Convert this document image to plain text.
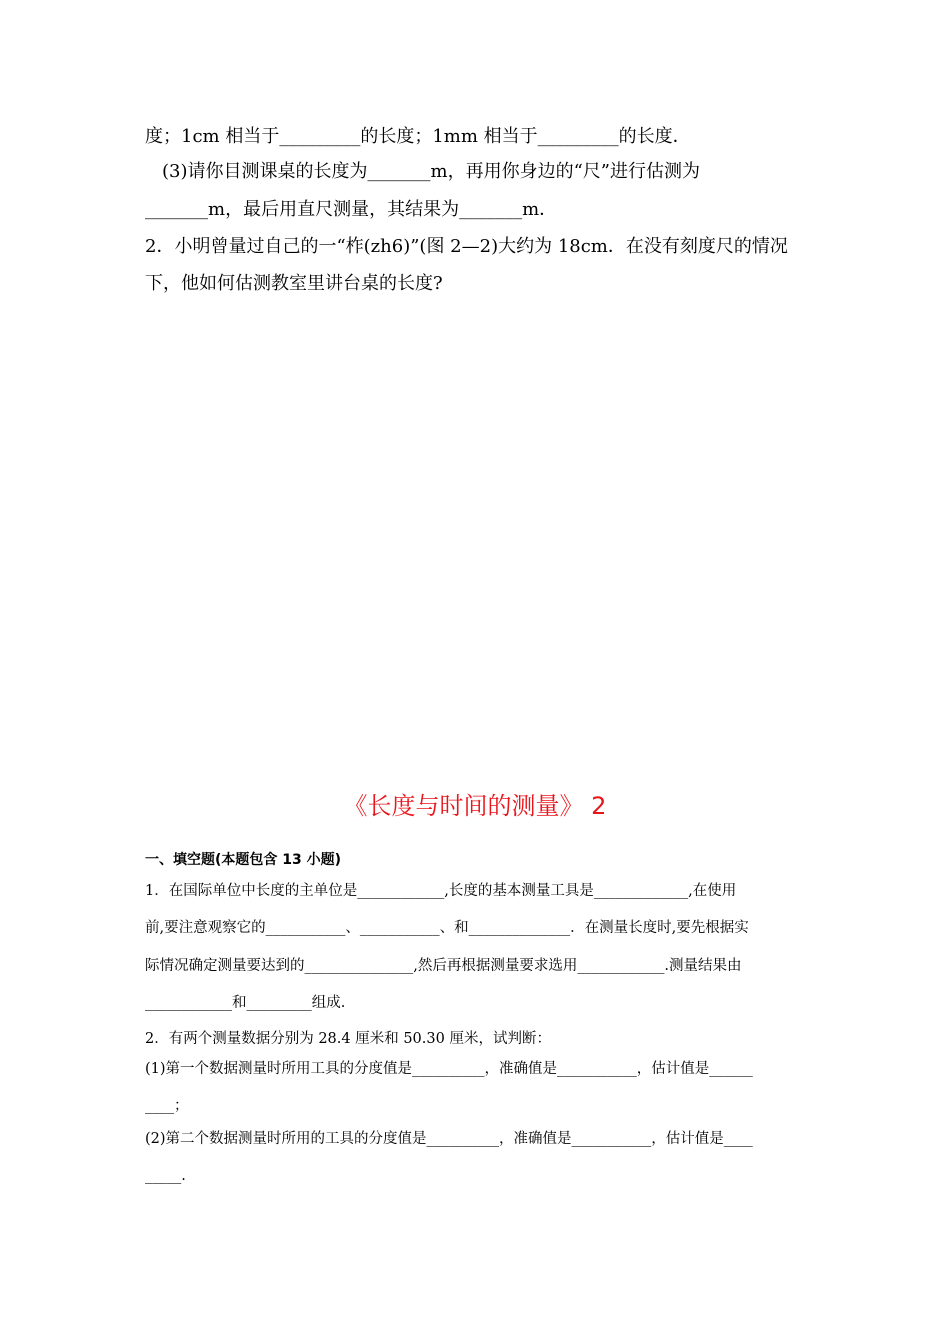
度；1cm 相当于_________的长度；1mm 相当于_________的长度．
(3)请你目测课桌的长度为_______m，再用你身边的“尺”进行估测为
_______m，最后用直尺测量，其结果为_______m．
2．小明曾量过自己的一“柞(zh6)”(图 2—2)大约为 18cm．在没有刻度尺的情况
下，他如何估测教室里讲台桌的长度?
《长度与时间的测量》 2
一、填空题(本题包含 13 小题)
1．在国际单位中长度的主单位是____________,长度的基本测量工具是_____________,在使用
前,要注意观察它的___________、___________、和______________．在测量长度时,要先根据实
际情况确定测量要达到的_______________,然后再根据测量要求选用____________.测量结果由
____________和_________组成.
2．有两个测量数据分别为 28.4 厘米和 50.30 厘米，试判断：
(1)第一个数据测量时所用工具的分度值是__________，准确值是___________，估计值是______
____；
(2)第二个数据测量时所用的工具的分度值是__________，准确值是___________，估计值是____
_____.
